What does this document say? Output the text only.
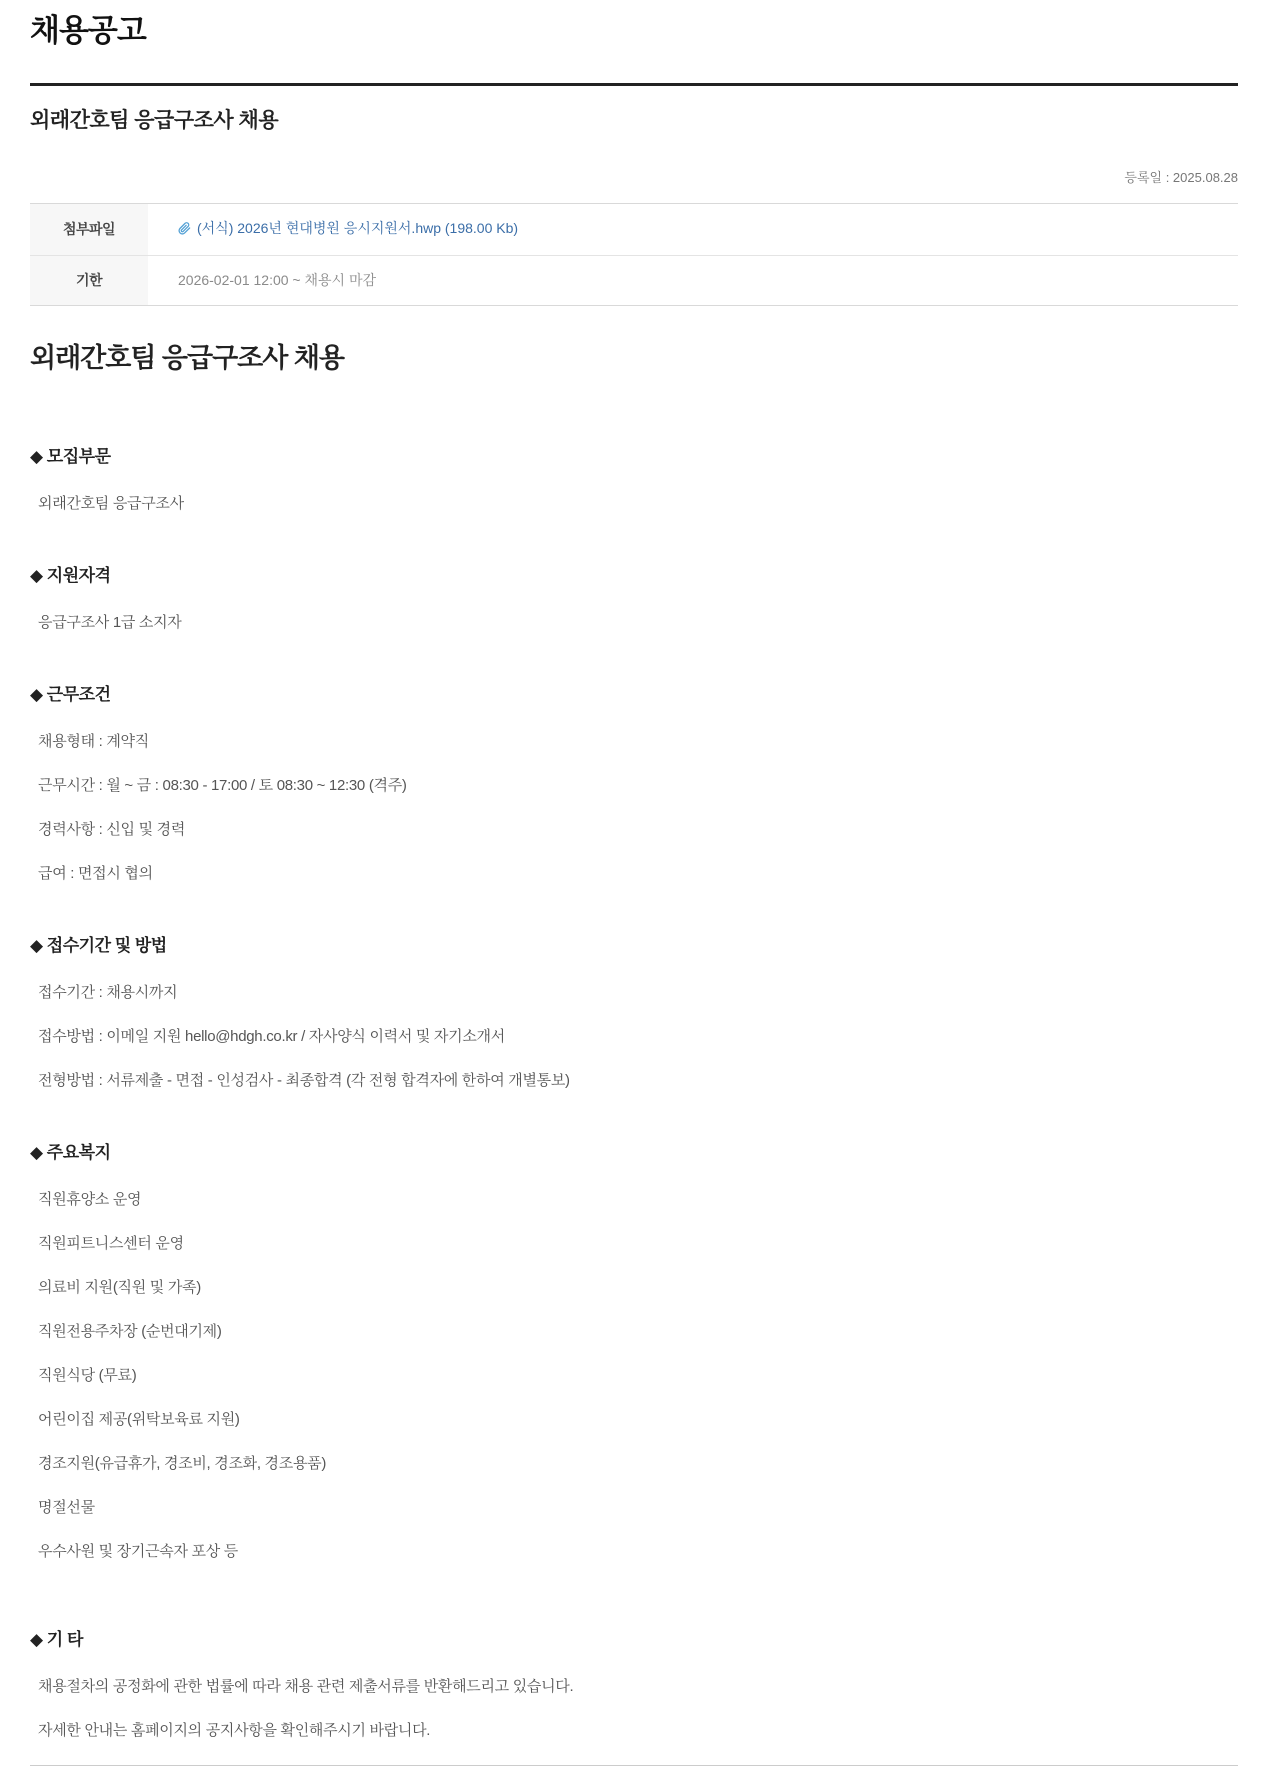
채용공고
외래간호팀 응급구조사 채용
등록일 : 2025.08.28
첨부파일	(서식) 2026년 현대병원 응시지원서.hwp (198.00 Kb)

기한	2026-02-01 12:00 ~ 채용시 마감
외래간호팀 응급구조사 채용
◆ 모집부문

외래간호팀 응급구조사

◆ 지원자격

응급구조사 1급 소지자

◆ 근무조건

채용형태 : 계약직

근무시간 : 월 ~ 금 : 08:30 - 17:00 / 토 08:30 ~ 12:30 (격주)

경력사항 : 신입 및 경력

급여 : 면접시 협의

◆ 접수기간 및 방법

접수기간 : 채용시까지

접수방법 : 이메일 지원 hello@hdgh.co.kr / 자사양식 이력서 및 자기소개서

전형방법 : 서류제출 - 면접 - 인성검사 - 최종합격 (각 전형 합격자에 한하여 개별통보)

◆ 주요복지

직원휴양소 운영

직원피트니스센터 운영

의료비 지원(직원 및 가족)

직원전용주차장 (순번대기제)

직원식당 (무료)

어린이집 제공(위탁보육료 지원)

경조지원(유급휴가, 경조비, 경조화, 경조용품)

명절선물

우수사원 및 장기근속자 포상 등

◆ 기 타

채용절차의 공정화에 관한 법률에 따라 채용 관련 제출서류를 반환해드리고 있습니다.

자세한 안내는 홈페이지의 공지사항을 확인해주시기 바랍니다.
